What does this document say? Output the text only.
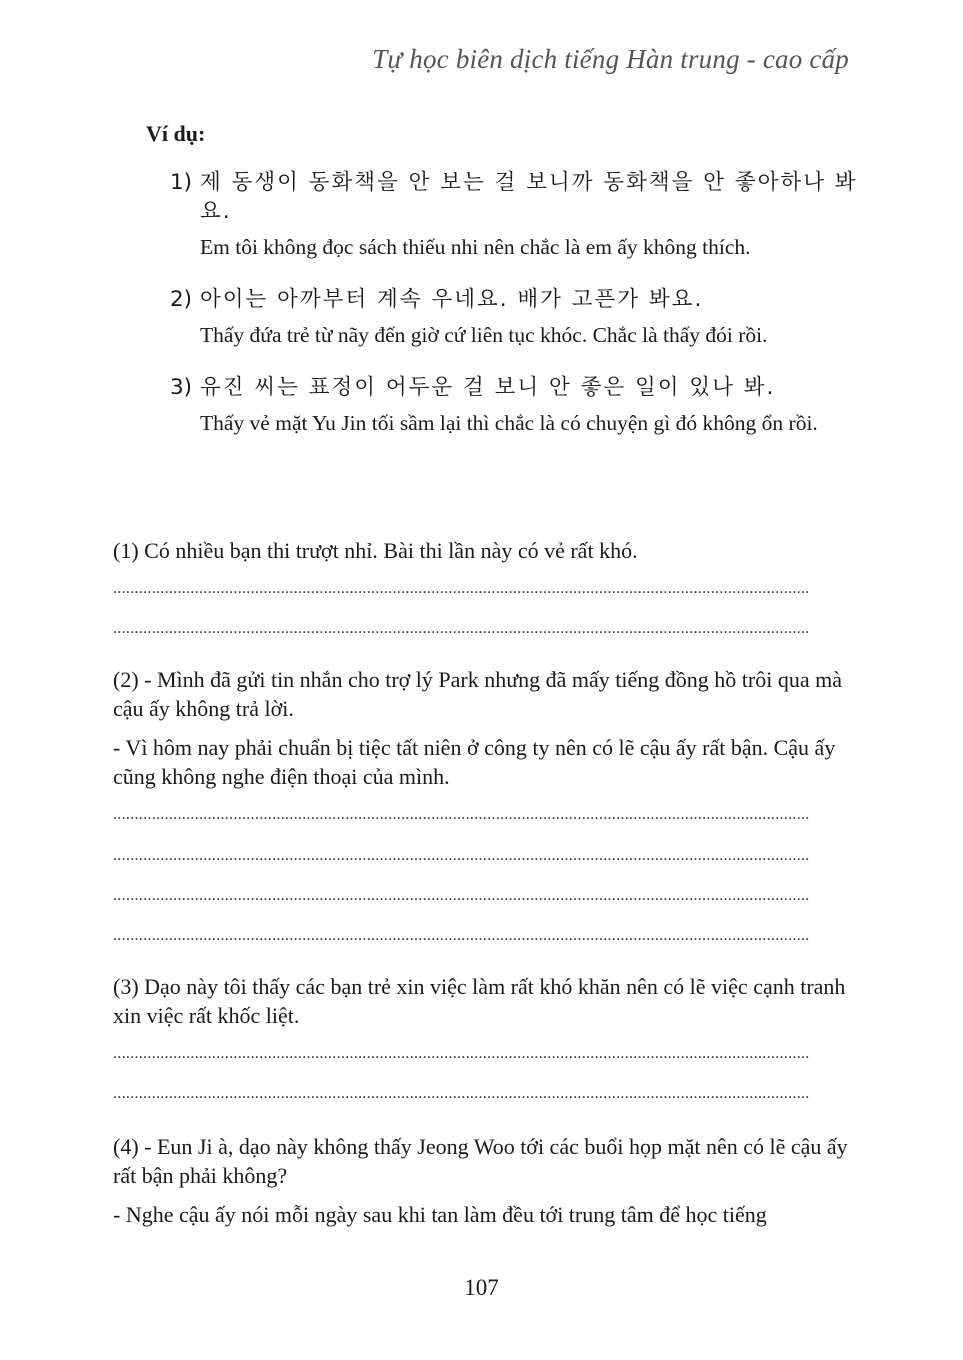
Tự học biên dịch tiếng Hàn trung - cao cấp
Ví dụ:
1) 제 동생이 동화책을 안 보는 걸 보니까 동화책을 안 좋아하나 봐요.
Em tôi không đọc sách thiếu nhi nên chắc là em ấy không thích.
2) 아이는 아까부터 계속 우네요. 배가 고픈가 봐요.
Thấy đứa trẻ từ nãy đến giờ cứ liên tục khóc. Chắc là thấy đói rồi.
3) 유진 씨는 표정이 어두운 걸 보니 안 좋은 일이 있나 봐.
Thấy vẻ mặt Yu Jin tối sầm lại thì chắc là có chuyện gì đó không ổn rồi.

(1) Có nhiều bạn thi trượt nhỉ. Bài thi lần này có vẻ rất khó.

..................................................................................................................................................................
..................................................................................................................................................................

(2) - Mình đã gửi tin nhắn cho trợ lý Park nhưng đã mấy tiếng đồng hồ trôi qua mà cậu ấy không trả lời.

- Vì hôm nay phải chuẩn bị tiệc tất niên ở công ty nên có lẽ cậu ấy rất bận. Cậu ấy cũng không nghe điện thoại của mình.

..................................................................................................................................................................
..................................................................................................................................................................
..................................................................................................................................................................
..................................................................................................................................................................

(3) Dạo này tôi thấy các bạn trẻ xin việc làm rất khó khăn nên có lẽ việc cạnh tranh xin việc rất khốc liệt.

..................................................................................................................................................................
..................................................................................................................................................................

(4) - Eun Ji à, dạo này không thấy Jeong Woo tới các buổi họp mặt nên có lẽ cậu ấy rất bận phải không?

- Nghe cậu ấy nói mỗi ngày sau khi tan làm đều tới trung tâm để học tiếng

107
